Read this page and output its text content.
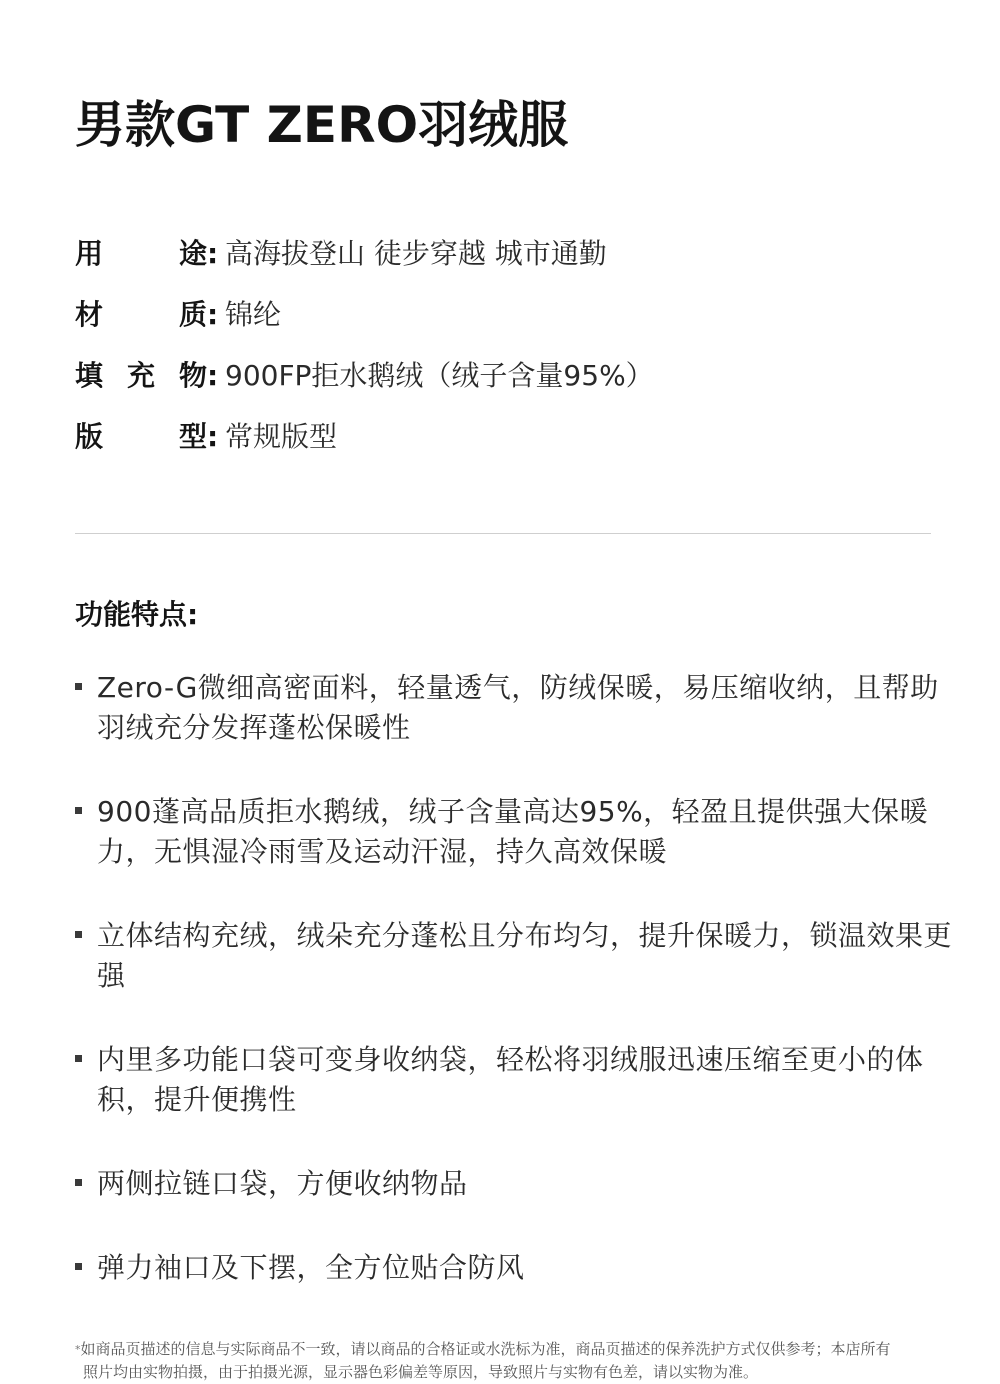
男款GT ZERO羽绒服
用	途 : 高海拔登山 徒步穿越 城市通勤
材	质 : 锦纶
填 充 物 : 900FP拒水鹅绒（绒子含量95%）
版	型 : 常规版型
功能特点:
Zero-G微细高密面料，轻量透气，防绒保暖，易压缩收纳，且帮助羽绒充分发挥蓬松保暖性
900蓬高品质拒水鹅绒，绒子含量高达95%，轻盈且提供强大保暖力，无惧湿冷雨雪及运动汗湿，持久高效保暖
立体结构充绒，绒朵充分蓬松且分布均匀，提升保暖力，锁温效果更强
内里多功能口袋可变身收纳袋，轻松将羽绒服迅速压缩至更小的体积，提升便携性
两侧拉链口袋，方便收纳物品
弹力袖口及下摆，全方位贴合防风
*如商品页描述的信息与实际商品不一致，请以商品的合格证或水洗标为准，商品页描述的保养洗护方式仅供参考；本店所有
照片均由实物拍摄，由于拍摄光源，显示器色彩偏差等原因，导致照片与实物有色差，请以实物为准。
